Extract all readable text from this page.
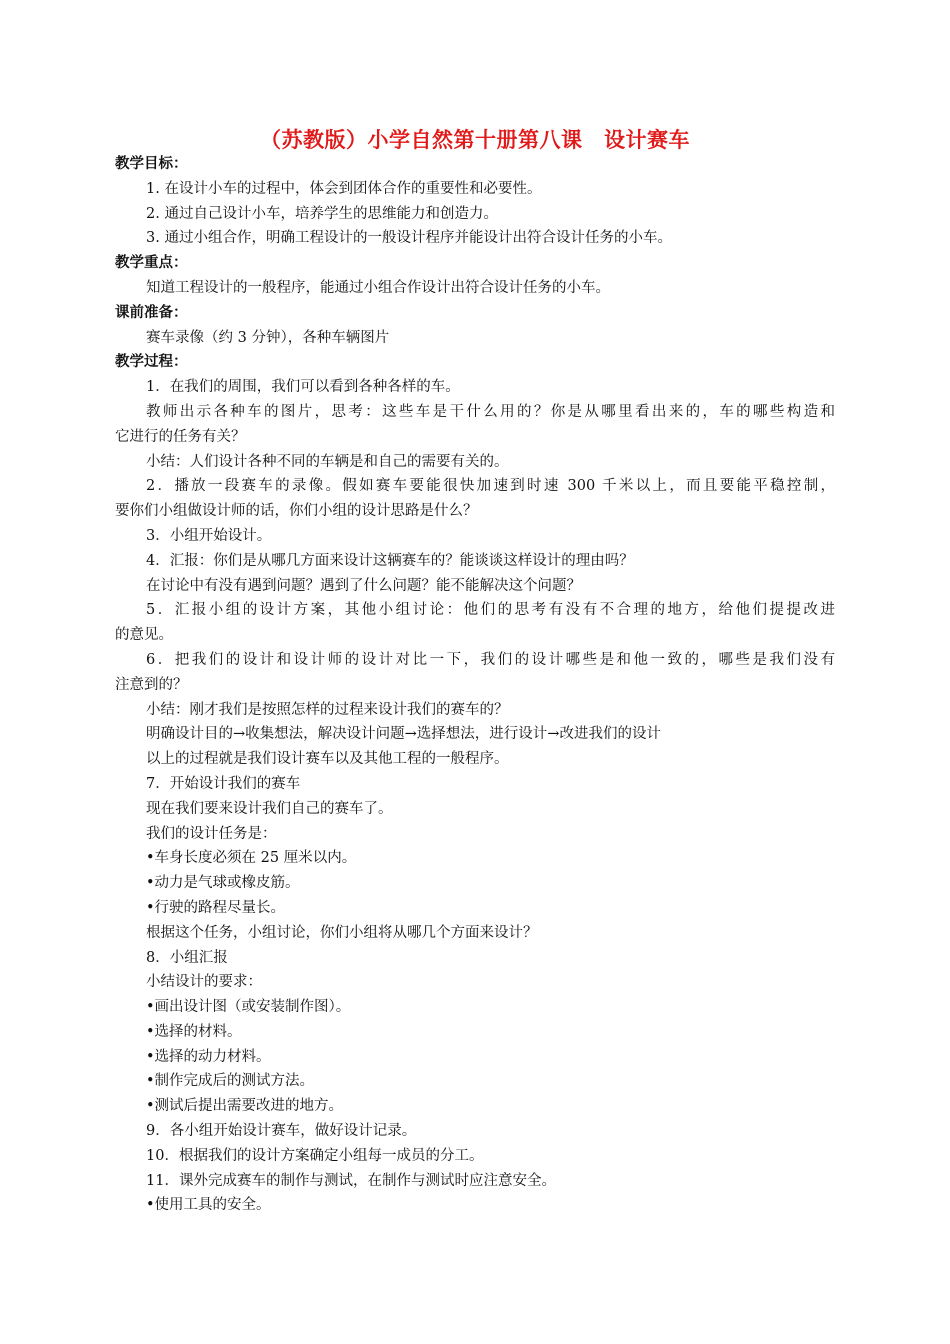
（苏教版）小学自然第十册第八课　设计赛车
教学目标：
1. 在设计小车的过程中，体会到团体合作的重要性和必要性。
2. 通过自己设计小车，培养学生的思维能力和创造力。
3. 通过小组合作，明确工程设计的一般设计程序并能设计出符合设计任务的小车。
教学重点：
知道工程设计的一般程序，能通过小组合作设计出符合设计任务的小车。
课前准备：
赛车录像（约 3 分钟），各种车辆图片
教学过程：
1．在我们的周围，我们可以看到各种各样的车。
教师出示各种车的图片，思考：这些车是干什么用的？你是从哪里看出来的，车的哪些构造和
它进行的任务有关？
小结：人们设计各种不同的车辆是和自己的需要有关的。
2．播放一段赛车的录像。假如赛车要能很快加速到时速 300 千米以上，而且要能平稳控制，
要你们小组做设计师的话，你们小组的设计思路是什么？
3．小组开始设计。
4．汇报：你们是从哪几方面来设计这辆赛车的？能谈谈这样设计的理由吗？
在讨论中有没有遇到问题？遇到了什么问题？能不能解决这个问题？
5．汇报小组的设计方案，其他小组讨论：他们的思考有没有不合理的地方，给他们提提改进
的意见。
6．把我们的设计和设计师的设计对比一下，我们的设计哪些是和他一致的，哪些是我们没有
注意到的？
小结：刚才我们是按照怎样的过程来设计我们的赛车的？
明确设计目的→收集想法，解决设计问题→选择想法，进行设计→改进我们的设计
以上的过程就是我们设计赛车以及其他工程的一般程序。
7．开始设计我们的赛车
现在我们要来设计我们自己的赛车了。
我们的设计任务是：
•车身长度必须在 25 厘米以内。
•动力是气球或橡皮筋。
•行驶的路程尽量长。
根据这个任务，小组讨论，你们小组将从哪几个方面来设计？
8．小组汇报
小结设计的要求：
•画出设计图（或安装制作图）。
•选择的材料。
•选择的动力材料。
•制作完成后的测试方法。
•测试后提出需要改进的地方。
9．各小组开始设计赛车，做好设计记录。
10．根据我们的设计方案确定小组每一成员的分工。
11．课外完成赛车的制作与测试，在制作与测试时应注意安全。
•使用工具的安全。
